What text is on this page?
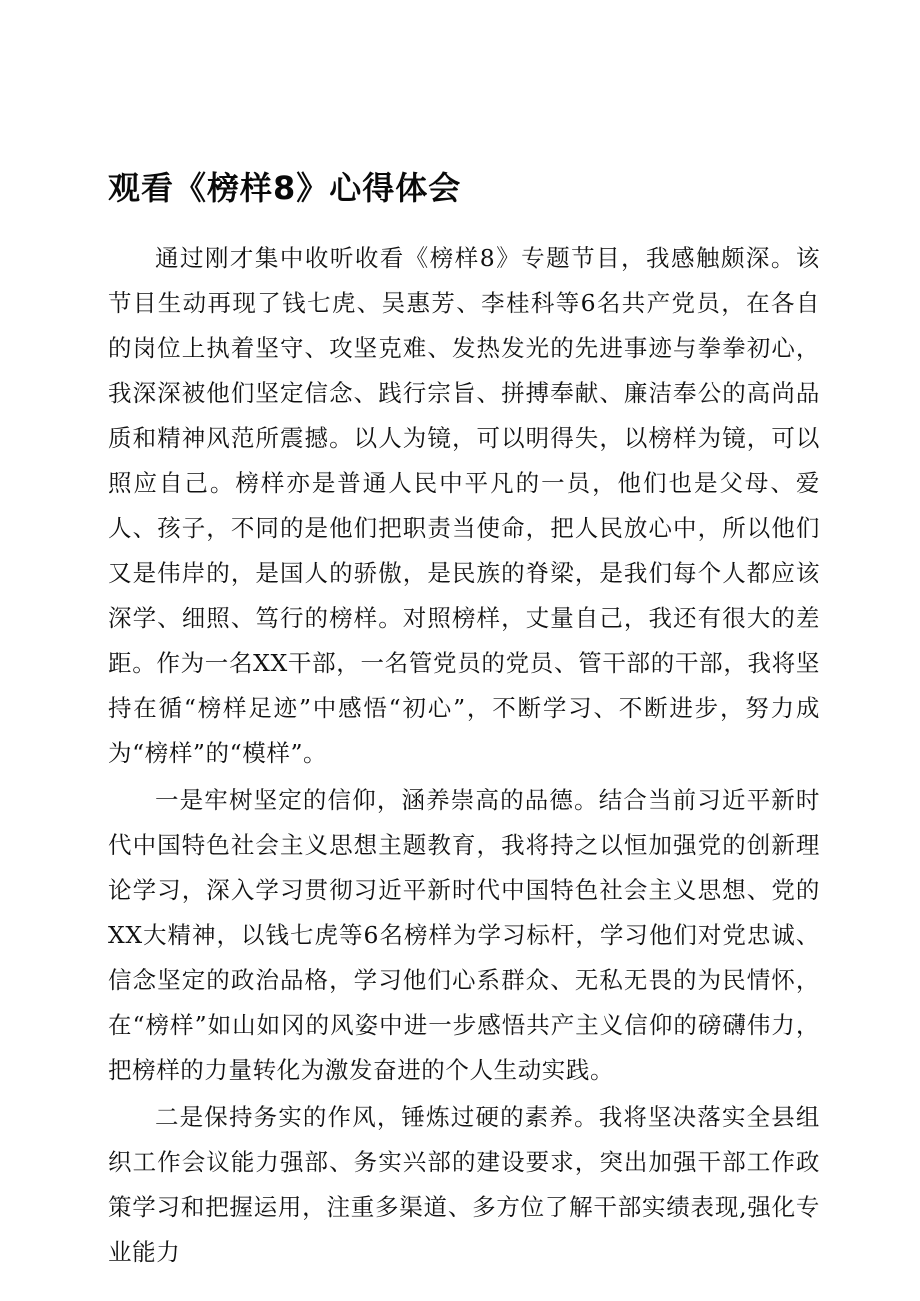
观看《榜样8》心得体会

通过刚才集中收听收看《榜样8》专题节目，我感触颇深。该节目生动再现了钱七虎、吴惠芳、李桂科等6名共产党员，在各自的岗位上执着坚守、攻坚克难、发热发光的先进事迹与拳拳初心，我深深被他们坚定信念、践行宗旨、拼搏奉献、廉洁奉公的高尚品质和精神风范所震撼。以人为镜，可以明得失，以榜样为镜，可以照应自己。榜样亦是普通人民中平凡的一员，他们也是父母、爱人、孩子，不同的是他们把职责当使命，把人民放心中，所以他们又是伟岸的，是国人的骄傲，是民族的脊梁，是我们每个人都应该深学、细照、笃行的榜样。对照榜样，丈量自己，我还有很大的差距。作为一名XX干部，一名管党员的党员、管干部的干部，我将坚持在循“榜样足迹”中感悟“初心”，不断学习、不断进步，努力成为“榜样”的“模样”。

一是牢树坚定的信仰，涵养崇高的品德。结合当前习近平新时代中国特色社会主义思想主题教育，我将持之以恒加强党的创新理论学习，深入学习贯彻习近平新时代中国特色社会主义思想、党的XX大精神，以钱七虎等6名榜样为学习标杆，学习他们对党忠诚、信念坚定的政治品格，学习他们心系群众、无私无畏的为民情怀，在“榜样”如山如冈的风姿中进一步感悟共产主义信仰的磅礴伟力，把榜样的力量转化为激发奋进的个人生动实践。

二是保持务实的作风，锤炼过硬的素养。我将坚决落实全县组织工作会议能力强部、务实兴部的建设要求，突出加强干部工作政策学习和把握运用，注重多渠道、多方位了解干部实绩表现,强化专业能力
